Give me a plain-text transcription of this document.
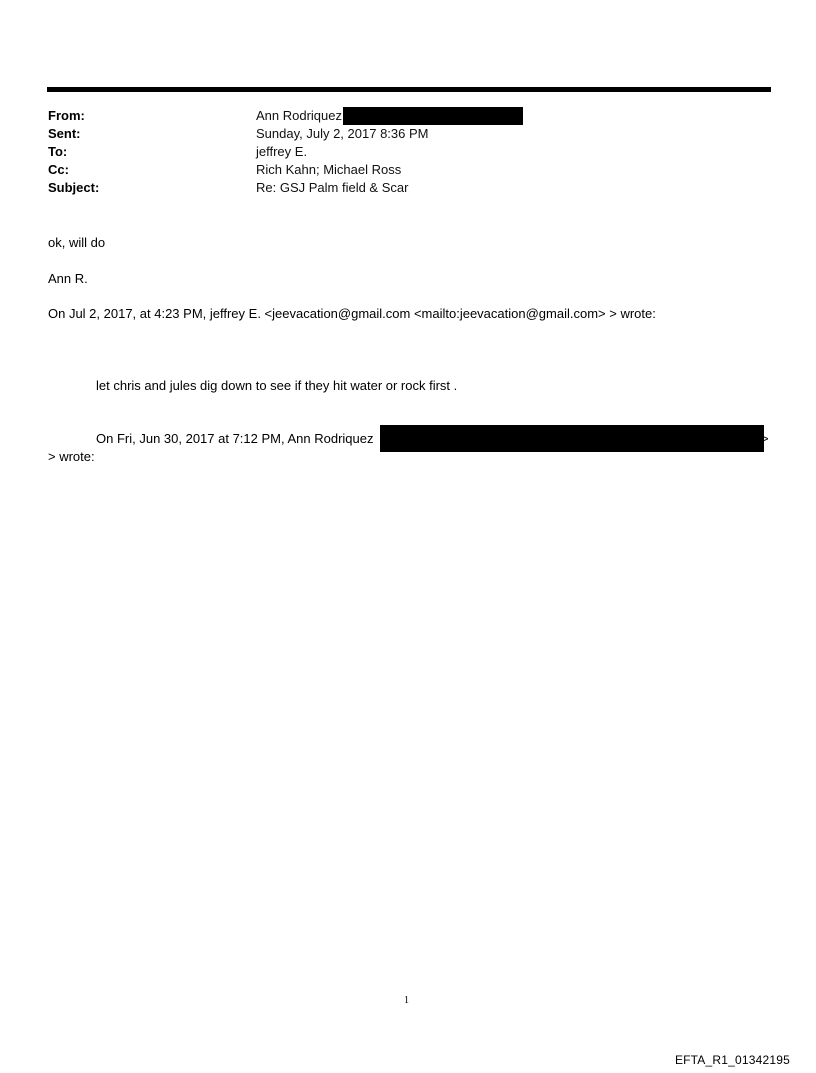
From:	Ann Rodriquez
Sent:	Sunday, July 2, 2017 8:36 PM
To:	jeffrey E.
Cc:	Rich Kahn; Michael Ross
Subject:	Re: GSJ Palm field & Scar
ok, will do
Ann R.
On Jul 2, 2017, at 4:23 PM, jeffrey E. <jeevacation@gmail.com <mailto:jeevacation@gmail.com> > wrote:
let chris and jules dig down to see if they hit water or rock first .
On Fri, Jun 30, 2017 at 7:12 PM, Ann Rodriquez	>
> wrote:
1
EFTA_R1_01342195
